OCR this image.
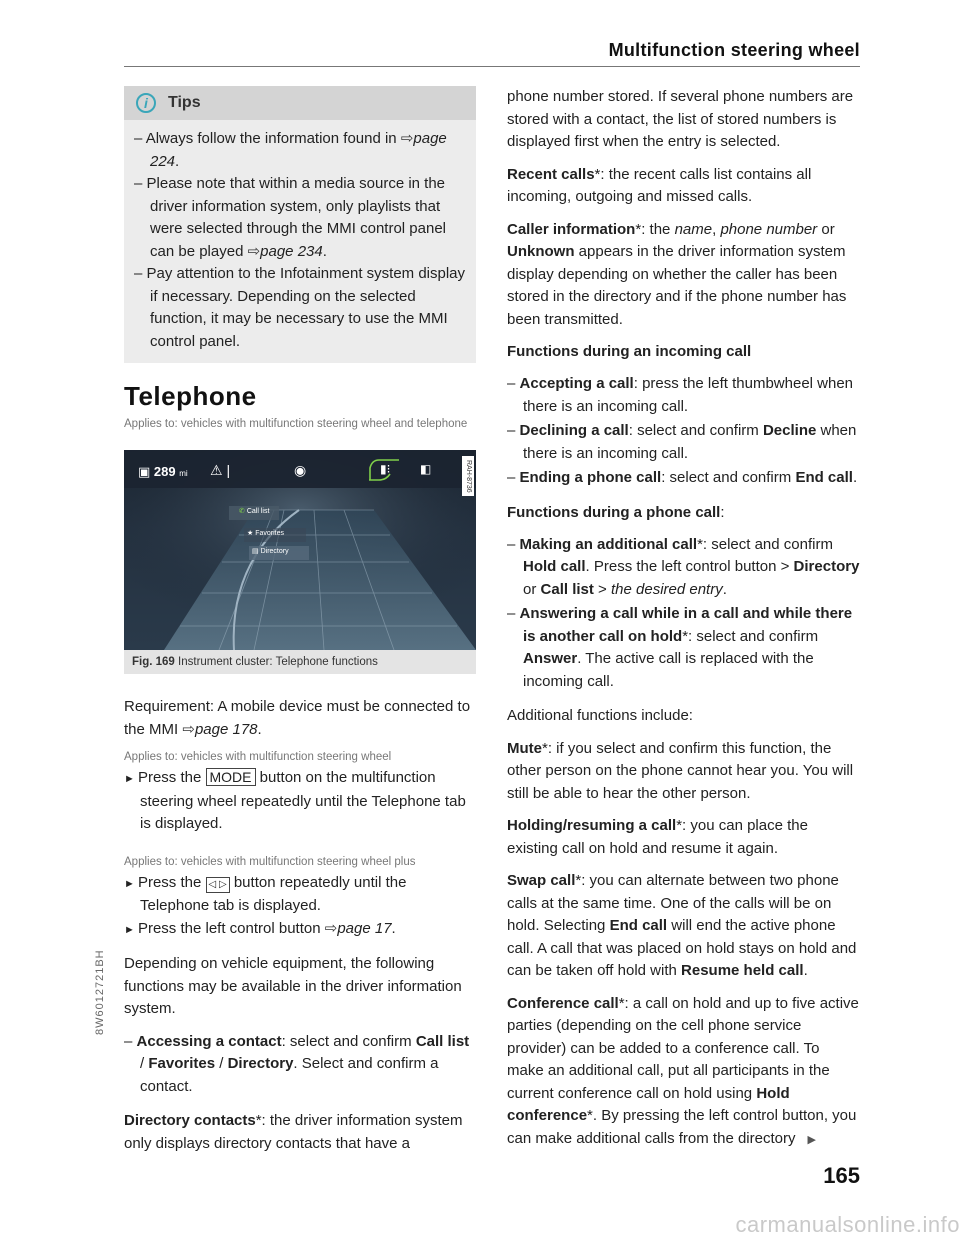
Multifunction steering wheel
i	Tips
– Always follow the information found in ⇨page 224.
– Please note that within a media source in the driver information system, only playlists that were selected through the MMI control panel can be played ⇨page 234.
– Pay attention to the Infotainment system display if necessary. Depending on the selected function, it may be necessary to use the MMI control panel.
Telephone
Applies to: vehicles with multifunction steering wheel and telephone
▣ 289 mi ⚠ |	◉	▮⁝ ◧	RAH-8736
✆ Call list
★ Favorites
▤ Directory
Fig. 169 Instrument cluster: Telephone functions

Requirement: A mobile device must be connected to the MMI ⇨page 178.

Applies to: vehicles with multifunction steering wheel

► Press the MODE button on the multifunction steering wheel repeatedly until the Telephone tab is displayed.

Applies to: vehicles with multifunction steering wheel plus

► Press the ◁ ▷ button repeatedly until the Telephone tab is displayed.

► Press the left control button ⇨page 17.

Depending on vehicle equipment, the following functions may be available in the driver information system.

– Accessing a contact: select and confirm Call list / Favorites / Directory. Select and confirm a contact.

Directory contacts*: the driver information system only displays directory contacts that have a

phone number stored. If several phone numbers are stored with a contact, the list of stored numbers is displayed first when the entry is selected.

Recent calls*: the recent calls list contains all incoming, outgoing and missed calls.

Caller information*: the name, phone number or Unknown appears in the driver information system display depending on whether the caller has been stored in the directory and if the phone number has been transmitted.

Functions during an incoming call

– Accepting a call: press the left thumbwheel when there is an incoming call.

– Declining a call: select and confirm Decline when there is an incoming call.

– Ending a phone call: select and confirm End call.

Functions during a phone call:

– Making an additional call*: select and confirm Hold call. Press the left control button > Directory or Call list > the desired entry.

– Answering a call while in a call and while there is another call on hold*: select and confirm Answer. The active call is replaced with the incoming call.

Additional functions include:

Mute*: if you select and confirm this function, the other person on the phone cannot hear you. You will still be able to hear the other person.

Holding/resuming a call*: you can place the existing call on hold and resume it again.

Swap call*: you can alternate between two phone calls at the same time. One of the calls will be on hold. Selecting End call will end the active phone call. A call that was placed on hold stays on hold and can be taken off hold with Resume held call.

Conference call*: a call on hold and up to five active parties (depending on the cell phone service provider) can be added to a conference call. To make an additional call, put all participants in the current conference call on hold using Hold conference*. By pressing the left control button, you can make additional calls from the directory ▶

165
8W6012721BH
carmanualsonline.info
